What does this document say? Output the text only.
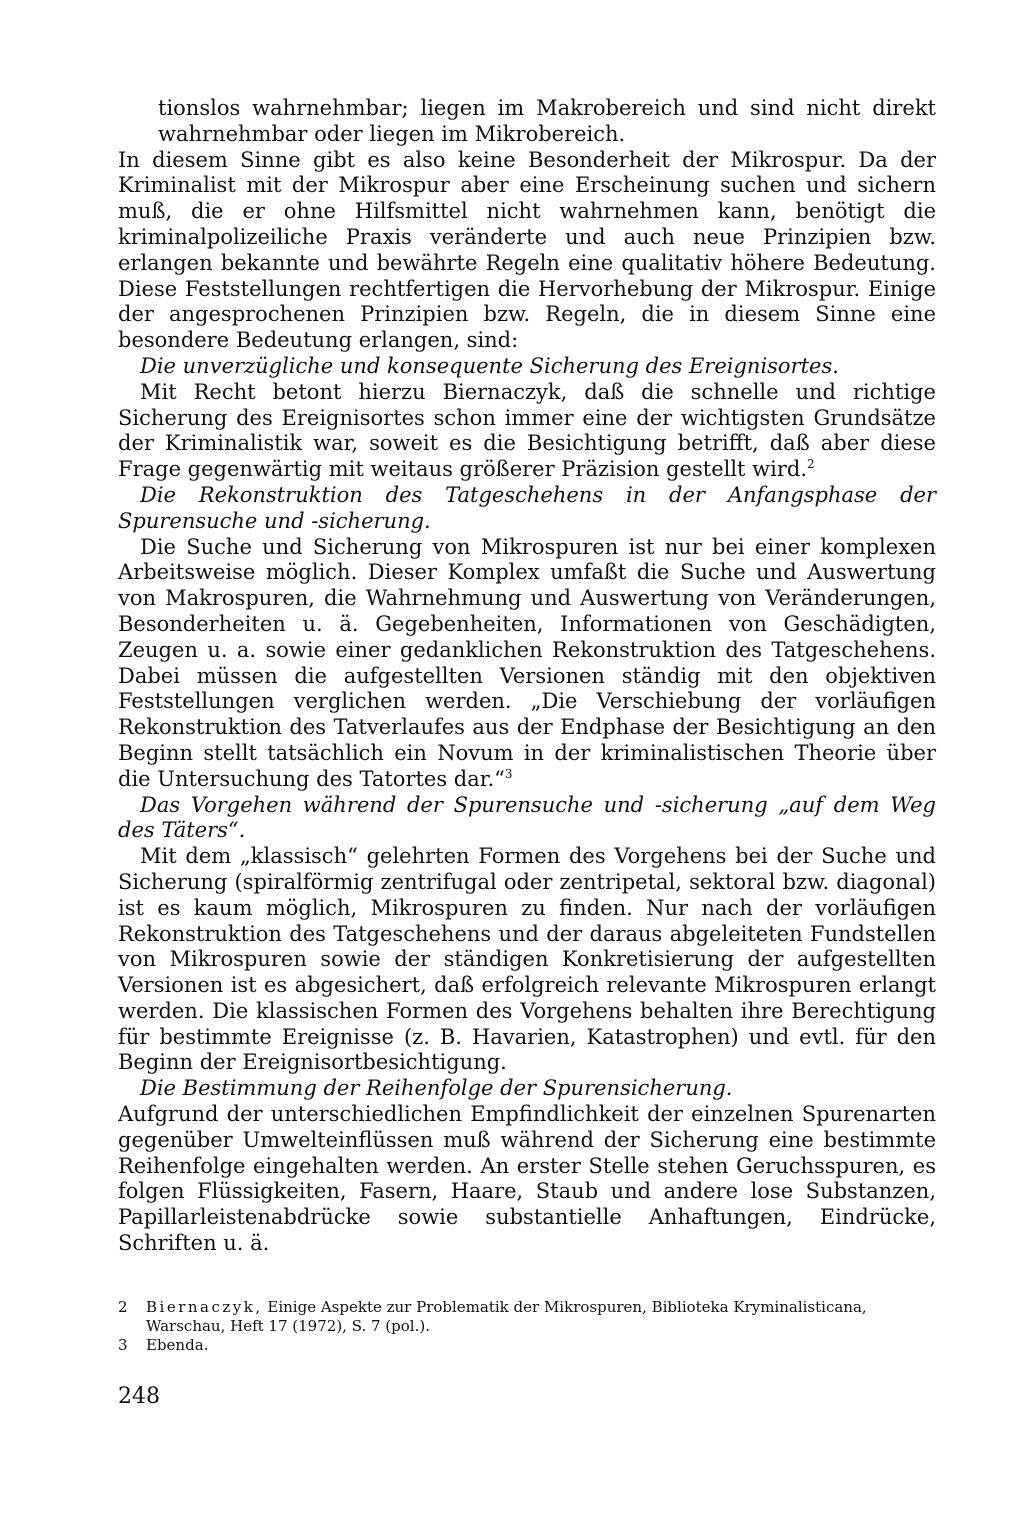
tionslos wahrnehmbar; liegen im Makrobereich und sind nicht direkt wahrnehmbar oder liegen im Mikrobereich.

In diesem Sinne gibt es also keine Besonderheit der Mikrospur. Da der Kriminalist mit der Mikrospur aber eine Erscheinung suchen und sichern muß, die er ohne Hilfsmittel nicht wahrnehmen kann, benötigt die kriminalpolizeiliche Praxis veränderte und auch neue Prinzipien bzw. erlangen bekannte und bewährte Regeln eine qualitativ höhere Bedeutung. Diese Feststellungen rechtfertigen die Hervorhebung der Mikrospur. Einige der angesprochenen Prinzipien bzw. Regeln, die in diesem Sinne eine besondere Bedeutung erlangen, sind:

Die unverzügliche und konsequente Sicherung des Ereignisortes.

Mit Recht betont hierzu Biernaczyk, daß die schnelle und richtige Sicherung des Ereignisortes schon immer eine der wichtigsten Grundsätze der Kriminalistik war, soweit es die Besichtigung betrifft, daß aber diese Frage gegenwärtig mit weitaus größerer Präzision gestellt wird.$^2$

Die Rekonstruktion des Tatgeschehens in der Anfangsphase der Spurensuche und -sicherung.

Die Suche und Sicherung von Mikrospuren ist nur bei einer komplexen Arbeitsweise möglich. Dieser Komplex umfaßt die Suche und Auswertung von Makrospuren, die Wahrnehmung und Auswertung von Veränderungen, Besonderheiten u. ä. Gegebenheiten, Informationen von Geschädigten, Zeugen u. a. sowie einer gedanklichen Rekonstruktion des Tatgeschehens. Dabei müssen die aufgestellten Versionen ständig mit den objektiven Feststellungen verglichen werden. „Die Verschiebung der vorläufigen Rekonstruktion des Tatverlaufes aus der Endphase der Besichtigung an den Beginn stellt tatsächlich ein Novum in der kriminalistischen Theorie über die Untersuchung des Tatortes dar.“$^3$

Das Vorgehen während der Spurensuche und -sicherung „auf dem Weg des Täters“.

Mit dem „klassisch“ gelehrten Formen des Vorgehens bei der Suche und Sicherung (spiralförmig zentrifugal oder zentripetal, sektoral bzw. diagonal) ist es kaum möglich, Mikrospuren zu finden. Nur nach der vorläufigen Rekonstruktion des Tatgeschehens und der daraus abgeleiteten Fundstellen von Mikrospuren sowie der ständigen Konkretisierung der aufgestellten Versionen ist es abgesichert, daß erfolgreich relevante Mikrospuren erlangt werden. Die klassischen Formen des Vorgehens behalten ihre Berechtigung für bestimmte Ereignisse (z. B. Havarien, Katastrophen) und evtl. für den Beginn der Ereignisortbesichtigung.

Die Bestimmung der Reihenfolge der Spurensicherung.

Aufgrund der unterschiedlichen Empfindlichkeit der einzelnen Spurenarten gegenüber Umwelteinflüssen muß während der Sicherung eine bestimmte Reihenfolge eingehalten werden. An erster Stelle stehen Geruchsspuren, es folgen Flüssigkeiten, Fasern, Haare, Staub und andere lose Substanzen, Papillarleistenabdrücke sowie substantielle Anhaftungen, Eindrücke, Schriften u. ä.

2	Biernaczyk, Einige Aspekte zur Problematik der Mikrospuren, Biblioteka Kryminalisticana, Warschau, Heft 17 (1972), S. 7 (pol.).
3	Ebenda.
248
